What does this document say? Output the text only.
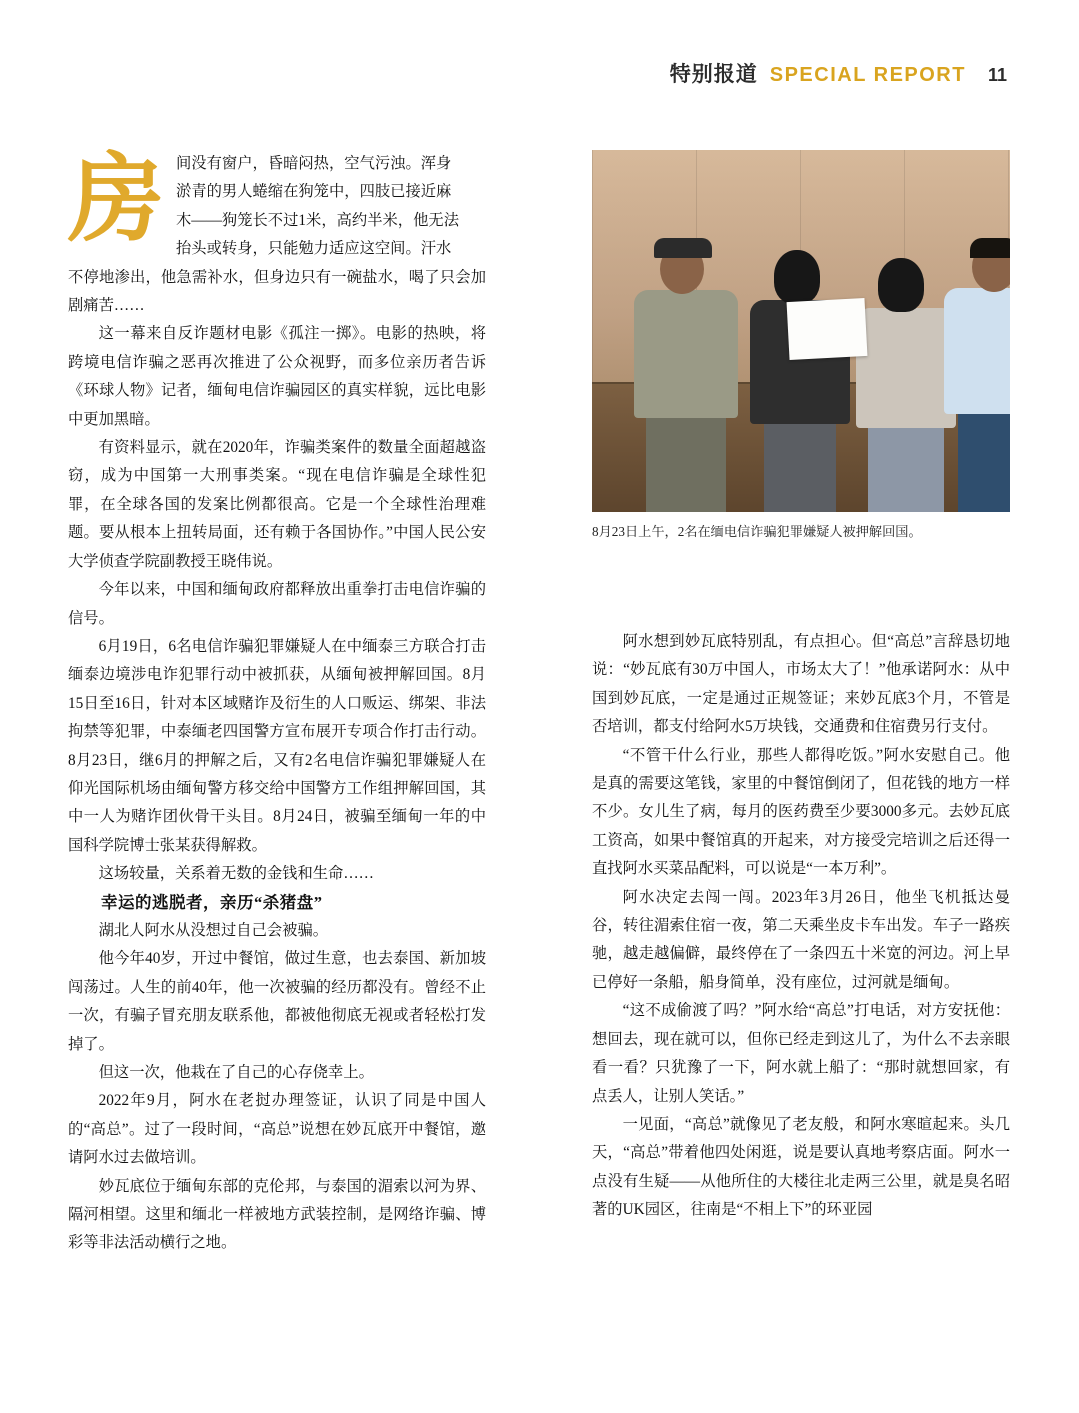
特别报道 SPECIAL REPORT 11
房 间没有窗户，昏暗闷热，空气污浊。浑身

淤青的男人蜷缩在狗笼中，四肢已接近麻

木——狗笼长不过1米，高约半米，他无法

抬头或转身，只能勉力适应这空间。汗水

不停地渗出，他急需补水，但身边只有一碗盐水，喝了只会加剧痛苦……

这一幕来自反诈题材电影《孤注一掷》。电影的热映，将跨境电信诈骗之恶再次推进了公众视野，而多位亲历者告诉《环球人物》记者，缅甸电信诈骗园区的真实样貌，远比电影中更加黑暗。

有资料显示，就在2020年，诈骗类案件的数量全面超越盗窃，成为中国第一大刑事类案。“现在电信诈骗是全球性犯罪，在全球各国的发案比例都很高。它是一个全球性治理难题。要从根本上扭转局面，还有赖于各国协作。”中国人民公安大学侦查学院副教授王晓伟说。

今年以来，中国和缅甸政府都释放出重拳打击电信诈骗的信号。

6月19日，6名电信诈骗犯罪嫌疑人在中缅泰三方联合打击缅泰边境涉电诈犯罪行动中被抓获，从缅甸被押解回国。8月15日至16日，针对本区域赌诈及衍生的人口贩运、绑架、非法拘禁等犯罪，中泰缅老四国警方宣布展开专项合作打击行动。8月23日，继6月的押解之后，又有2名电信诈骗犯罪嫌疑人在仰光国际机场由缅甸警方移交给中国警方工作组押解回国，其中一人为赌诈团伙骨干头目。8月24日，被骗至缅甸一年的中国科学院博士张某获得解救。

这场较量，关系着无数的金钱和生命……

幸运的逃脱者，亲历“杀猪盘”

湖北人阿水从没想过自己会被骗。

他今年40岁，开过中餐馆，做过生意，也去泰国、新加坡闯荡过。人生的前40年，他一次被骗的经历都没有。曾经不止一次，有骗子冒充朋友联系他，都被他彻底无视或者轻松打发掉了。

但这一次，他栽在了自己的心存侥幸上。

2022年9月，阿水在老挝办理签证，认识了同是中国人的“高总”。过了一段时间，“高总”说想在妙瓦底开中餐馆，邀请阿水过去做培训。

妙瓦底位于缅甸东部的克伦邦，与泰国的湄索以河为界、隔河相望。这里和缅北一样被地方武装控制，是网络诈骗、博彩等非法活动横行之地。

8月23日上午，2名在缅电信诈骗犯罪嫌疑人被押解回国。

阿水想到妙瓦底特别乱，有点担心。但“高总”言辞恳切地说：“妙瓦底有30万中国人，市场太大了！”他承诺阿水：从中国到妙瓦底，一定是通过正规签证；来妙瓦底3个月，不管是否培训，都支付给阿水5万块钱，交通费和住宿费另行支付。

“不管干什么行业，那些人都得吃饭。”阿水安慰自己。他是真的需要这笔钱，家里的中餐馆倒闭了，但花钱的地方一样不少。女儿生了病，每月的医药费至少要3000多元。去妙瓦底工资高，如果中餐馆真的开起来，对方接受完培训之后还得一直找阿水买菜品配料，可以说是“一本万利”。

阿水决定去闯一闯。2023年3月26日，他坐飞机抵达曼谷，转往湄索住宿一夜，第二天乘坐皮卡车出发。车子一路疾驰，越走越偏僻，最终停在了一条四五十米宽的河边。河上早已停好一条船，船身简单，没有座位，过河就是缅甸。

“这不成偷渡了吗？”阿水给“高总”打电话，对方安抚他：想回去，现在就可以，但你已经走到这儿了，为什么不去亲眼看一看？只犹豫了一下，阿水就上船了：“那时就想回家，有点丢人，让别人笑话。”

一见面，“高总”就像见了老友般，和阿水寒暄起来。头几天，“高总”带着他四处闲逛，说是要认真地考察店面。阿水一点没有生疑——从他所住的大楼往北走两三公里，就是臭名昭著的UK园区，往南是“不相上下”的环亚园
